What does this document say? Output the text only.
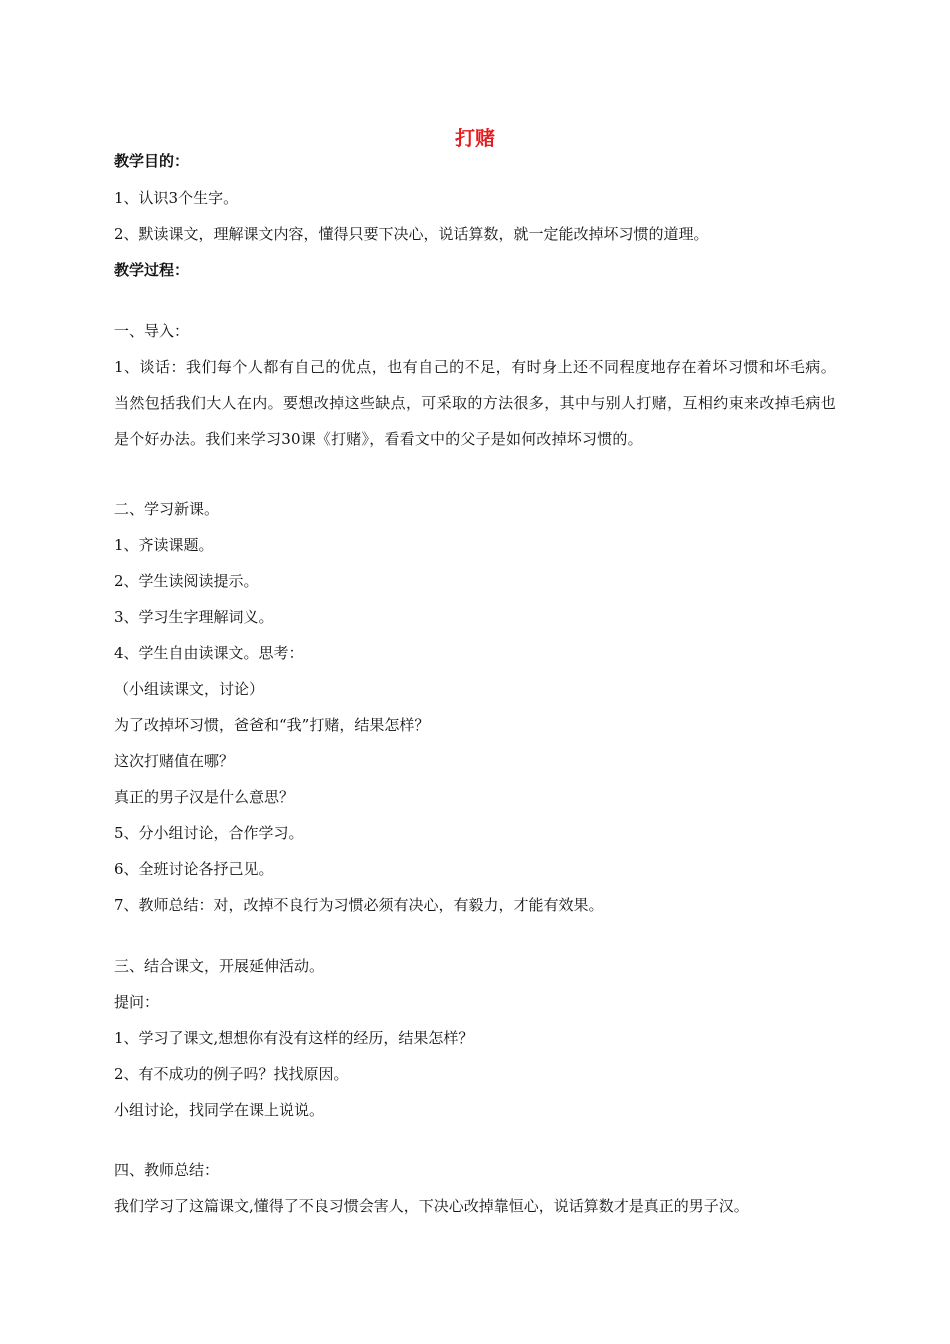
打赌
教学目的：
1、认识3个生字。
2、默读课文，理解课文内容，懂得只要下决心，说话算数，就一定能改掉坏习惯的道理。
教学过程：
一、导入：
1、谈话：我们每个人都有自己的优点，也有自己的不足，有时身上还不同程度地存在着坏习惯和坏毛病。当然包括我们大人在内。要想改掉这些缺点，可采取的方法很多，其中与别人打赌，互相约束来改掉毛病也是个好办法。我们来学习30课《打赌》，看看文中的父子是如何改掉坏习惯的。
二、学习新课。
1、齐读课题。
2、学生读阅读提示。
3、学习生字理解词义。
4、学生自由读课文。思考：
（小组读课文，讨论）
为了改掉坏习惯，爸爸和“我”打赌，结果怎样？
这次打赌值在哪？
真正的男子汉是什么意思？
5、分小组讨论，合作学习。
6、全班讨论各抒己见。
7、教师总结：对，改掉不良行为习惯必须有决心，有毅力，才能有效果。
三、结合课文，开展延伸活动。
提问：
1、学习了课文,想想你有没有这样的经历，结果怎样？
2、有不成功的例子吗？找找原因。
小组讨论，找同学在课上说说。
四、教师总结：
我们学习了这篇课文,懂得了不良习惯会害人，下决心改掉靠恒心，说话算数才是真正的男子汉。
